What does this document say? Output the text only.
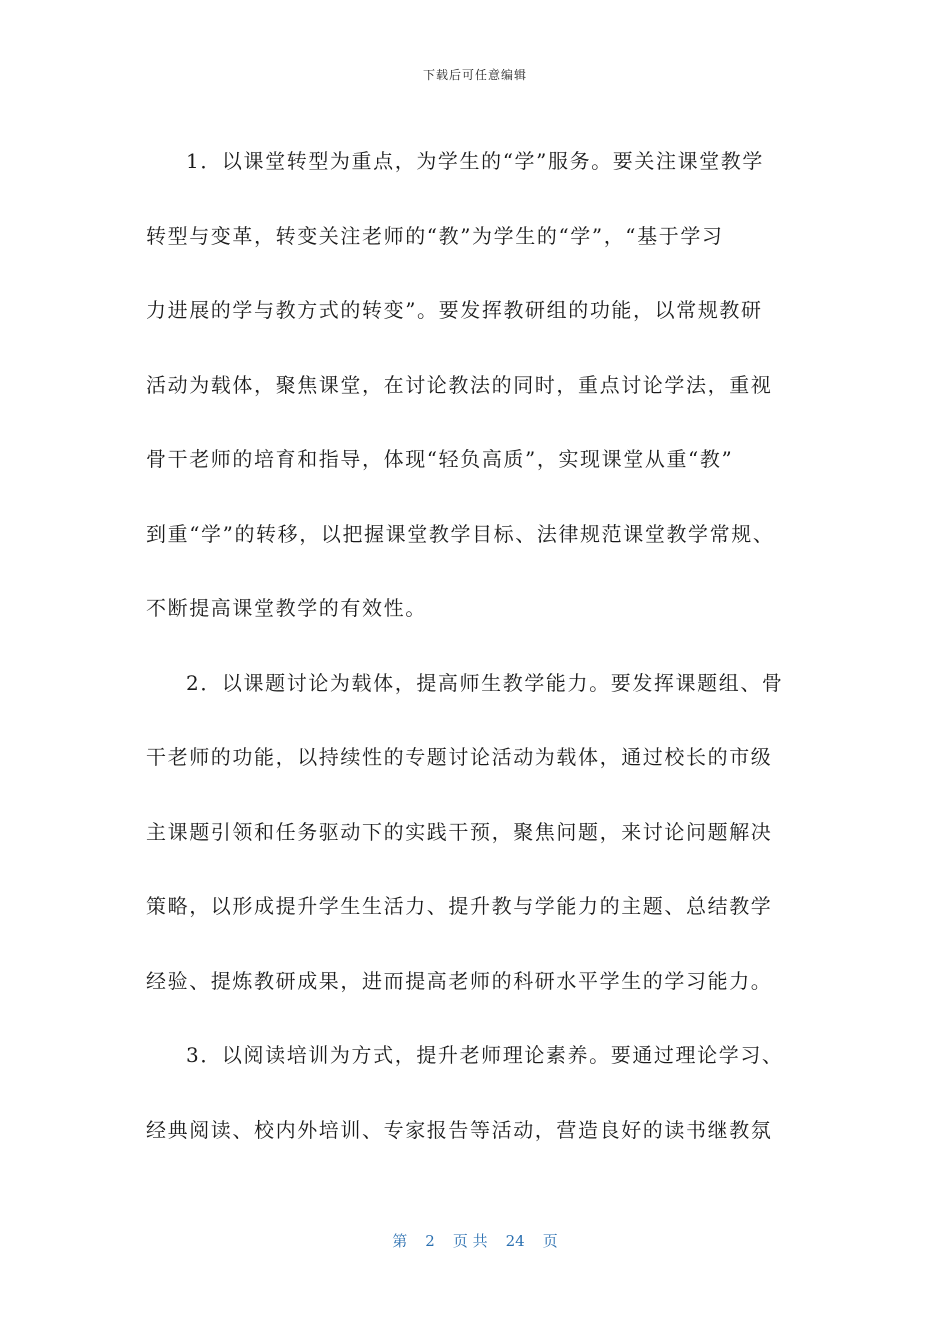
下载后可任意编辑
1．以课堂转型为重点，为学生的“学”服务。要关注课堂教学
转型与变革，转变关注老师的“教”为学生的“学”，“基于学习
力进展的学与教方式的转变”。要发挥教研组的功能，以常规教研
活动为载体，聚焦课堂，在讨论教法的同时，重点讨论学法，重视
骨干老师的培育和指导，体现“轻负高质”，实现课堂从重“教”
到重“学”的转移，以把握课堂教学目标、法律规范课堂教学常规、
不断提高课堂教学的有效性。
2．以课题讨论为载体，提高师生教学能力。要发挥课题组、骨
干老师的功能，以持续性的专题讨论活动为载体，通过校长的市级
主课题引领和任务驱动下的实践干预，聚焦问题，来讨论问题解决
策略，以形成提升学生生活力、提升教与学能力的主题、总结教学
经验、提炼教研成果，进而提高老师的科研水平学生的学习能力。
3．以阅读培训为方式，提升老师理论素养。要通过理论学习、
经典阅读、校内外培训、专家报告等活动，营造良好的读书继教氛
第 2 页 共 24 页
